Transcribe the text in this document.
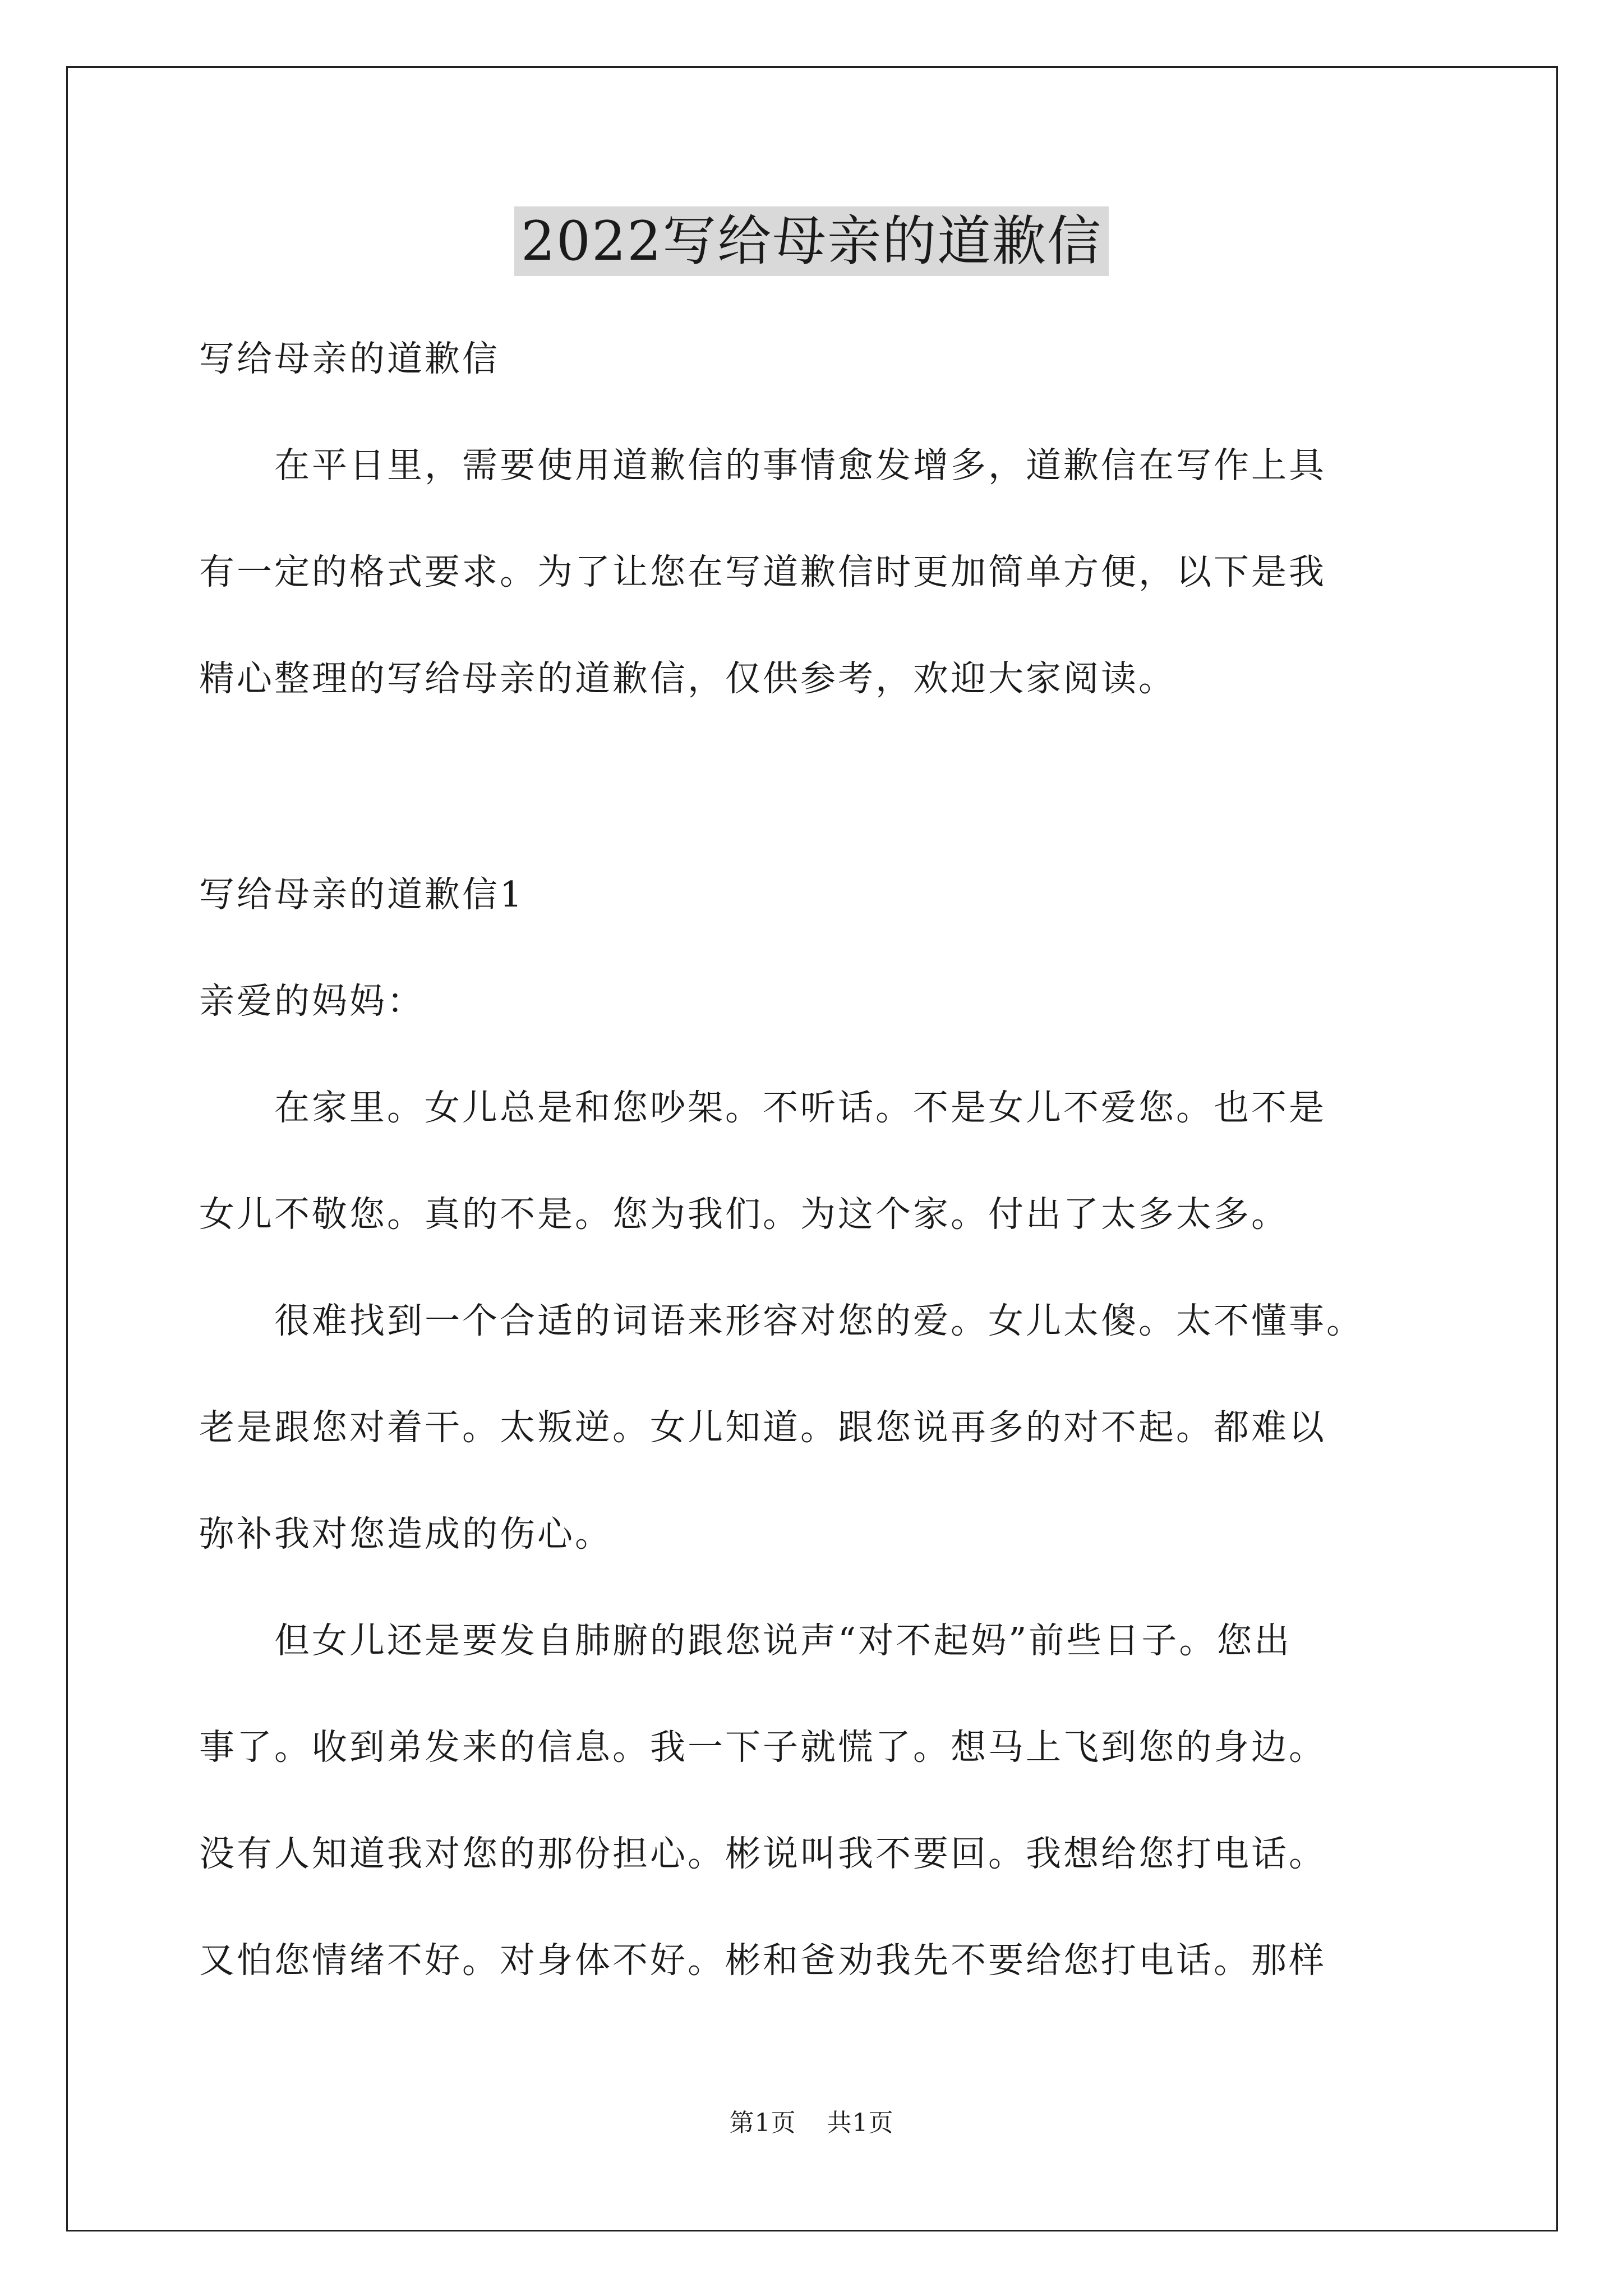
2022写给母亲的道歉信
写给母亲的道歉信
　　在平日里，需要使用道歉信的事情愈发增多，道歉信在写作上具
有一定的格式要求。为了让您在写道歉信时更加简单方便，以下是我
精心整理的写给母亲的道歉信，仅供参考，欢迎大家阅读。
写给母亲的道歉信1
亲爱的妈妈：
　　在家里。女儿总是和您吵架。不听话。不是女儿不爱您。也不是
女儿不敬您。真的不是。您为我们。为这个家。付出了太多太多。
　　很难找到一个合适的词语来形容对您的爱。女儿太傻。太不懂事。
老是跟您对着干。太叛逆。女儿知道。跟您说再多的对不起。都难以
弥补我对您造成的伤心。
　　但女儿还是要发自肺腑的跟您说声“对不起妈”前些日子。您出
事了。收到弟发来的信息。我一下子就慌了。想马上飞到您的身边。
没有人知道我对您的那份担心。彬说叫我不要回。我想给您打电话。
又怕您情绪不好。对身体不好。彬和爸劝我先不要给您打电话。那样
第1页 共1页
